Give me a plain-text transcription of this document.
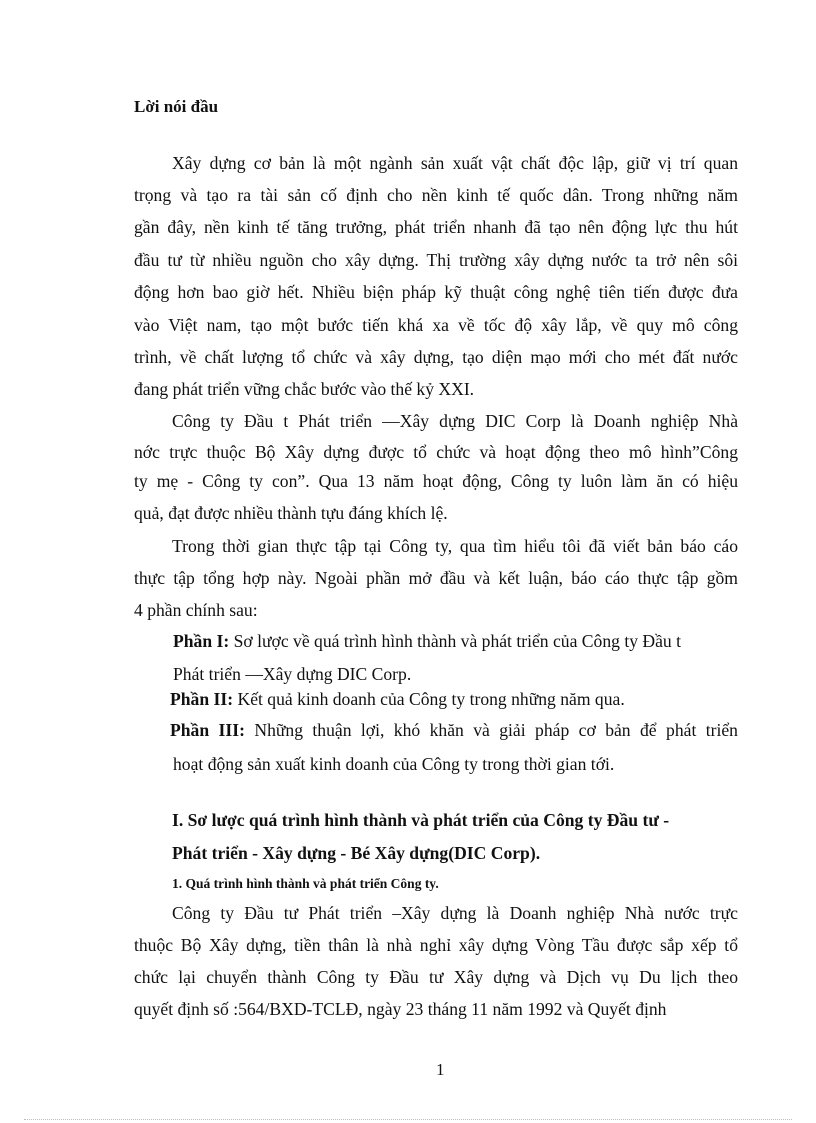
Lời nói đầu
Xây dựng cơ bản là một ngành sản xuất vật chất độc lập, giữ vị trí quan
trọng và tạo ra tài sản cố định cho nền kinh tế quốc dân. Trong những năm
gần đây, nền kinh tế tăng trưởng, phát triển nhanh đã tạo nên động lực thu hút
đầu tư từ nhiều nguồn cho xây dựng. Thị trường xây dựng nước ta trở nên sôi
động hơn bao giờ hết. Nhiều biện pháp kỹ thuật công nghệ tiên tiến được đưa
vào Việt nam, tạo một bước tiến khá xa về tốc độ xây lắp, về quy mô công
trình, về chất lượng tổ chức và xây dựng, tạo diện mạo mới cho mét đất nước
đang phát triển vững chắc bước vào thế kỷ XXI.
Công ty Đầu t Phát triển —Xây dựng DIC Corp là Doanh nghiệp Nhà
nớc trực thuộc Bộ Xây dựng được tổ chức và hoạt động theo mô hình”Công
ty mẹ - Công ty con”. Qua 13 năm hoạt động, Công ty luôn làm ăn có hiệu
quả, đạt được nhiều thành tựu đáng khích lệ.
Trong thời gian thực tập tại Công ty, qua tìm hiểu tôi đã viết bản báo cáo
thực tập tổng hợp này. Ngoài phần mở đầu và kết luận, báo cáo thực tập gồm
4 phần chính sau:
Phần I: Sơ lược về quá trình hình thành và phát triển của Công ty Đầu t
Phát triển —Xây dựng DIC Corp.
Phần II: Kết quả kinh doanh của Công ty trong những năm qua.
Phần III: Những thuận lợi, khó khăn và giải pháp cơ bản để phát triển
hoạt động sản xuất kinh doanh của Công ty trong thời gian tới.
I. Sơ lược quá trình hình thành và phát triển của Công ty Đầu tư -
Phát triển - Xây dựng - Bé Xây dựng(DIC Corp).
1. Quá trình hình thành và phát triển Công ty.
Công ty Đầu tư Phát triển –Xây dựng là Doanh nghiệp Nhà nước trực
thuộc Bộ Xây dựng, tiền thân là nhà nghỉ xây dựng Vòng Tầu được sắp xếp tổ
chức lại chuyển thành Công ty Đầu tư Xây dựng và Dịch vụ Du lịch theo
quyết định số :564/BXD-TCLĐ, ngày 23 tháng 11 năm 1992 và Quyết định
1
